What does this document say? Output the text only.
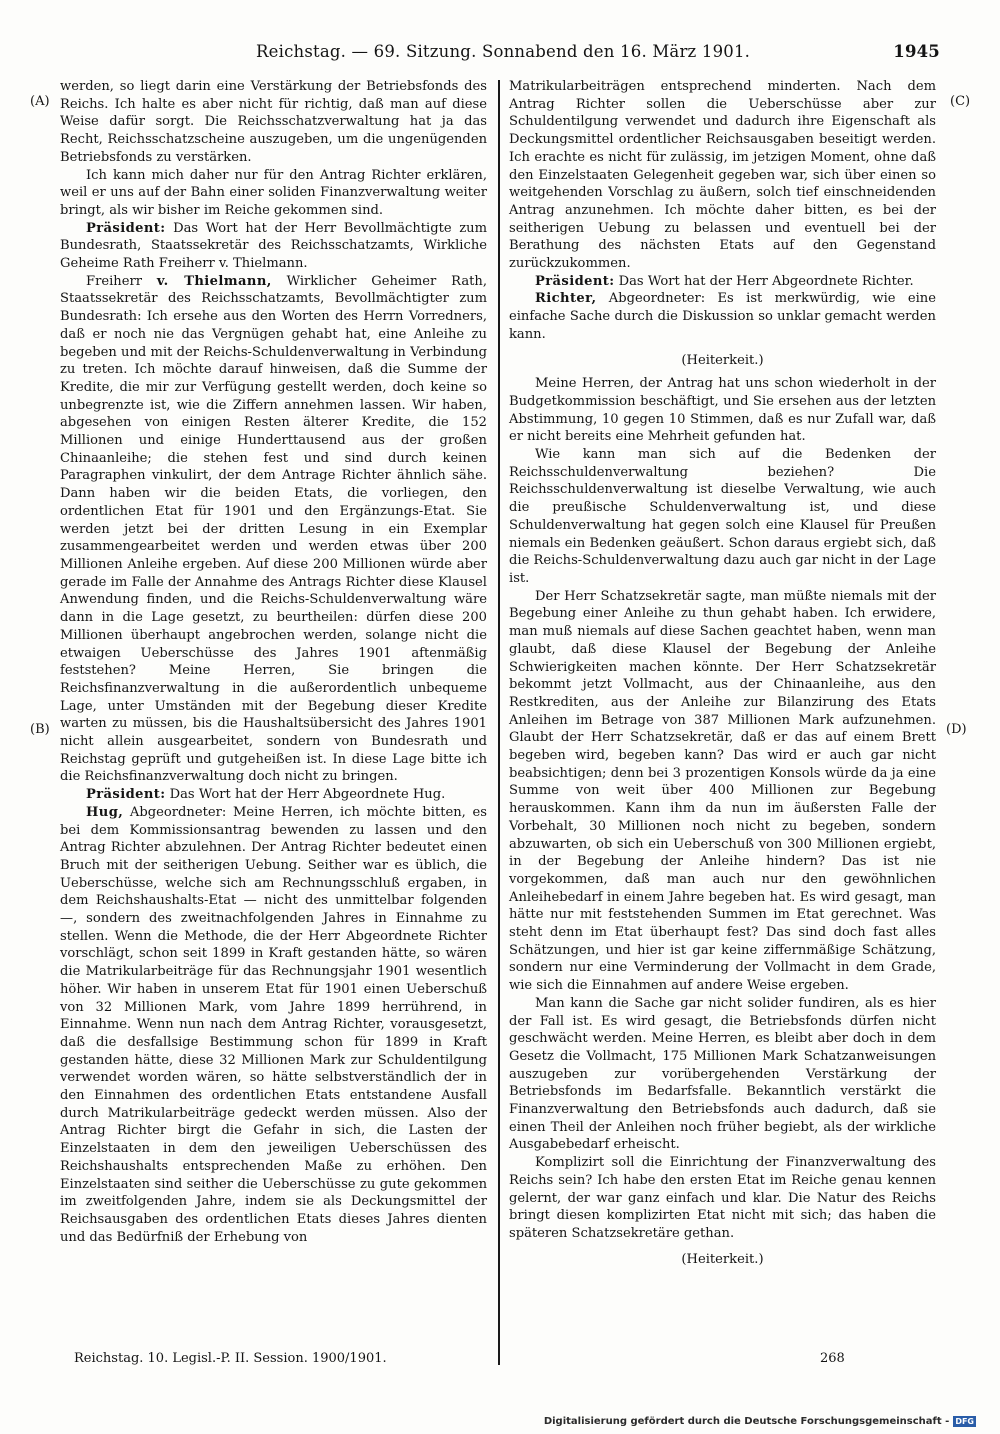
Reichstag. — 69. Sitzung. Sonnabend den 16. März 1901.	1945
(A)
(B)
(C)
(D)

werden, so liegt darin eine Verstärkung der Betriebsfonds des Reichs. Ich halte es aber nicht für richtig, daß man auf diese Weise dafür sorgt. Die Reichsschatzverwaltung hat ja das Recht, Reichsschatzscheine auszugeben, um die ungenügenden Betriebsfonds zu verstärken.

Ich kann mich daher nur für den Antrag Richter erklären, weil er uns auf der Bahn einer soliden Finanzverwaltung weiter bringt, als wir bisher im Reiche gekommen sind.

Präsident: Das Wort hat der Herr Bevollmächtigte zum Bundesrath, Staatssekretär des Reichsschatzamts, Wirkliche Geheime Rath Freiherr v. Thielmann.

Freiherr v. Thielmann, Wirklicher Geheimer Rath, Staatssekretär des Reichsschatzamts, Bevollmächtigter zum Bundesrath: Ich ersehe aus den Worten des Herrn Vorredners, daß er noch nie das Vergnügen gehabt hat, eine Anleihe zu begeben und mit der Reichs-Schuldenverwaltung in Verbindung zu treten. Ich möchte darauf hinweisen, daß die Summe der Kredite, die mir zur Verfügung gestellt werden, doch keine so unbegrenzte ist, wie die Ziffern annehmen lassen. Wir haben, abgesehen von einigen Resten älterer Kredite, die 152 Millionen und einige Hunderttausend aus der großen Chinaanleihe; die stehen fest und sind durch keinen Paragraphen vinkulirt, der dem Antrage Richter ähnlich sähe. Dann haben wir die beiden Etats, die vorliegen, den ordentlichen Etat für 1901 und den Ergänzungs-Etat. Sie werden jetzt bei der dritten Lesung in ein Exemplar zusammengearbeitet werden und werden etwas über 200 Millionen Anleihe ergeben. Auf diese 200 Millionen würde aber gerade im Falle der Annahme des Antrags Richter diese Klausel Anwendung finden, und die Reichs-Schuldenverwaltung wäre dann in die Lage gesetzt, zu beurtheilen: dürfen diese 200 Millionen überhaupt angebrochen werden, solange nicht die etwaigen Ueberschüsse des Jahres 1901 aftenmäßig feststehen? Meine Herren, Sie bringen die Reichsfinanzverwaltung in die außerordentlich unbequeme Lage, unter Umständen mit der Begebung dieser Kredite warten zu müssen, bis die Haushaltsübersicht des Jahres 1901 nicht allein ausgearbeitet, sondern von Bundesrath und Reichstag geprüft und gutgeheißen ist. In diese Lage bitte ich die Reichsfinanzverwaltung doch nicht zu bringen.

Präsident: Das Wort hat der Herr Abgeordnete Hug.

Hug, Abgeordneter: Meine Herren, ich möchte bitten, es bei dem Kommissionsantrag bewenden zu lassen und den Antrag Richter abzulehnen. Der Antrag Richter bedeutet einen Bruch mit der seitherigen Uebung. Seither war es üblich, die Ueberschüsse, welche sich am Rechnungsschluß ergaben, in dem Reichshaushalts-Etat — nicht des unmittelbar folgenden —, sondern des zweitnachfolgenden Jahres in Einnahme zu stellen. Wenn die Methode, die der Herr Abgeordnete Richter vorschlägt, schon seit 1899 in Kraft gestanden hätte, so wären die Matrikularbeiträge für das Rechnungsjahr 1901 wesentlich höher. Wir haben in unserem Etat für 1901 einen Ueberschuß von 32 Millionen Mark, vom Jahre 1899 herrührend, in Einnahme. Wenn nun nach dem Antrag Richter, vorausgesetzt, daß die desfallsige Bestimmung schon für 1899 in Kraft gestanden hätte, diese 32 Millionen Mark zur Schuldentilgung verwendet worden wären, so hätte selbstverständlich der in den Einnahmen des ordentlichen Etats entstandene Ausfall durch Matrikularbeiträge gedeckt werden müssen. Also der Antrag Richter birgt die Gefahr in sich, die Lasten der Einzelstaaten in dem den jeweiligen Ueberschüssen des Reichshaushalts entsprechenden Maße zu erhöhen. Den Einzelstaaten sind seither die Ueberschüsse zu gute gekommen im zweitfolgenden Jahre, indem sie als Deckungsmittel der Reichsausgaben des ordentlichen Etats dieses Jahres dienten und das Bedürfniß der Erhebung von

Matrikularbeiträgen entsprechend minderten. Nach dem Antrag Richter sollen die Ueberschüsse aber zur Schuldentilgung verwendet und dadurch ihre Eigenschaft als Deckungsmittel ordentlicher Reichsausgaben beseitigt werden. Ich erachte es nicht für zulässig, im jetzigen Moment, ohne daß den Einzelstaaten Gelegenheit gegeben war, sich über einen so weitgehenden Vorschlag zu äußern, solch tief einschneidenden Antrag anzunehmen. Ich möchte daher bitten, es bei der seitherigen Uebung zu belassen und eventuell bei der Berathung des nächsten Etats auf den Gegenstand zurückzukommen.

Präsident: Das Wort hat der Herr Abgeordnete Richter.

Richter, Abgeordneter: Es ist merkwürdig, wie eine einfache Sache durch die Diskussion so unklar gemacht werden kann.

(Heiterkeit.)

Meine Herren, der Antrag hat uns schon wiederholt in der Budgetkommission beschäftigt, und Sie ersehen aus der letzten Abstimmung, 10 gegen 10 Stimmen, daß es nur Zufall war, daß er nicht bereits eine Mehrheit gefunden hat.

Wie kann man sich auf die Bedenken der Reichsschuldenverwaltung beziehen? Die Reichsschuldenverwaltung ist dieselbe Verwaltung, wie auch die preußische Schuldenverwaltung ist, und diese Schuldenverwaltung hat gegen solch eine Klausel für Preußen niemals ein Bedenken geäußert. Schon daraus ergiebt sich, daß die Reichs-Schuldenverwaltung dazu auch gar nicht in der Lage ist.

Der Herr Schatzsekretär sagte, man müßte niemals mit der Begebung einer Anleihe zu thun gehabt haben. Ich erwidere, man muß niemals auf diese Sachen geachtet haben, wenn man glaubt, daß diese Klausel der Begebung der Anleihe Schwierigkeiten machen könnte. Der Herr Schatzsekretär bekommt jetzt Vollmacht, aus der Chinaanleihe, aus den Restkrediten, aus der Anleihe zur Bilanzirung des Etats Anleihen im Betrage von 387 Millionen Mark aufzunehmen. Glaubt der Herr Schatzsekretär, daß er das auf einem Brett begeben wird, begeben kann? Das wird er auch gar nicht beabsichtigen; denn bei 3 prozentigen Konsols würde da ja eine Summe von weit über 400 Millionen zur Begebung herauskommen. Kann ihm da nun im äußersten Falle der Vorbehalt, 30 Millionen noch nicht zu begeben, sondern abzuwarten, ob sich ein Ueberschuß von 300 Millionen ergiebt, in der Begebung der Anleihe hindern? Das ist nie vorgekommen, daß man auch nur den gewöhnlichen Anleihebedarf in einem Jahre begeben hat. Es wird gesagt, man hätte nur mit feststehenden Summen im Etat gerechnet. Was steht denn im Etat überhaupt fest? Das sind doch fast alles Schätzungen, und hier ist gar keine ziffernmäßige Schätzung, sondern nur eine Verminderung der Vollmacht in dem Grade, wie sich die Einnahmen auf andere Weise ergeben.

Man kann die Sache gar nicht solider fundiren, als es hier der Fall ist. Es wird gesagt, die Betriebsfonds dürfen nicht geschwächt werden. Meine Herren, es bleibt aber doch in dem Gesetz die Vollmacht, 175 Millionen Mark Schatzanweisungen auszugeben zur vorübergehenden Verstärkung der Betriebsfonds im Bedarfsfalle. Bekanntlich verstärkt die Finanzverwaltung den Betriebsfonds auch dadurch, daß sie einen Theil der Anleihen noch früher begiebt, als der wirkliche Ausgabebedarf erheischt.

Komplizirt soll die Einrichtung der Finanzverwaltung des Reichs sein? Ich habe den ersten Etat im Reiche genau kennen gelernt, der war ganz einfach und klar. Die Natur des Reichs bringt diesen komplizirten Etat nicht mit sich; das haben die späteren Schatzsekretäre gethan.

(Heiterkeit.)

Reichstag. 10. Legisl.-P. II. Session. 1900/1901.	268
Digitalisierung gefördert durch die Deutsche Forschungsgemeinschaft - DFG
